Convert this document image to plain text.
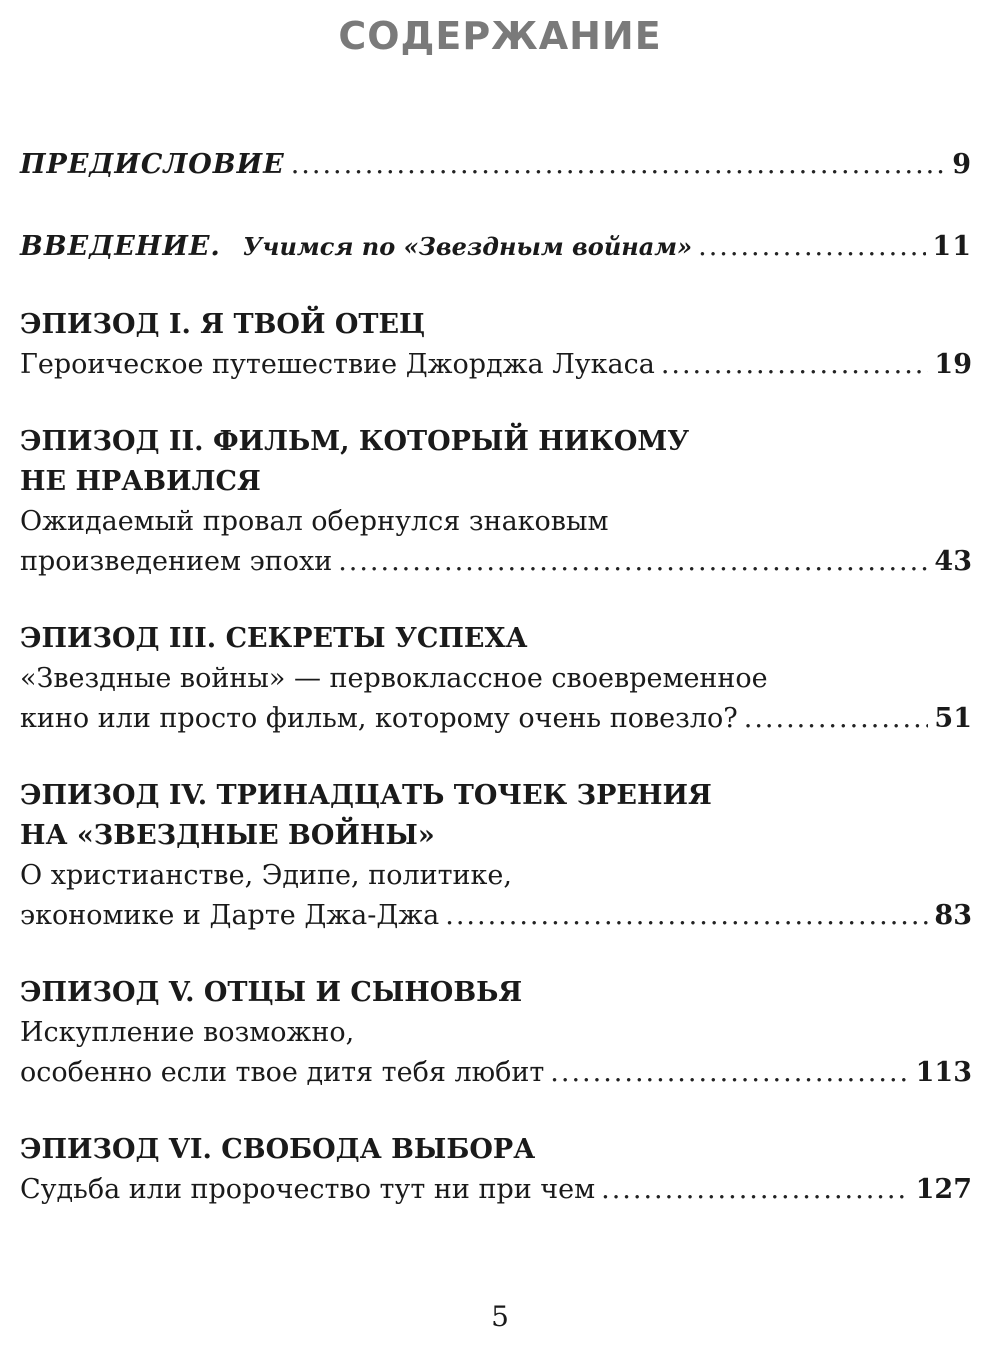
СОДЕРЖАНИЕ
ПРЕДИСЛОВИЕ .....	9
ВВЕДЕНИЕ . Учимся по «Звездным войнам» .....	11
ЭПИЗОД I. Я ТВОЙ ОТЕЦ
Героическое путешествие Джорджа Лукаса .....	19
ЭПИЗОД II. ФИЛЬМ, КОТОРЫЙ НИКОМУ
НЕ НРАВИЛСЯ
Ожидаемый провал обернулся знаковым
произведением эпохи .....	43
ЭПИЗОД III. СЕКРЕТЫ УСПЕХА
«Звездные войны» — первоклассное своевременное
кино или просто фильм, которому очень повезло? .....	51
ЭПИЗОД IV. ТРИНАДЦАТЬ ТОЧЕК ЗРЕНИЯ
НА «ЗВЕЗДНЫЕ ВОЙНЫ»
О христианстве, Эдипе, политике,
экономике и Дарте Джа-Джа .....	83
ЭПИЗОД V. ОТЦЫ И СЫНОВЬЯ
Искупление возможно,
особенно если твое дитя тебя любит .....	113
ЭПИЗОД VI. СВОБОДА ВЫБОРА
Судьба или пророчество тут ни при чем .....	127
5
